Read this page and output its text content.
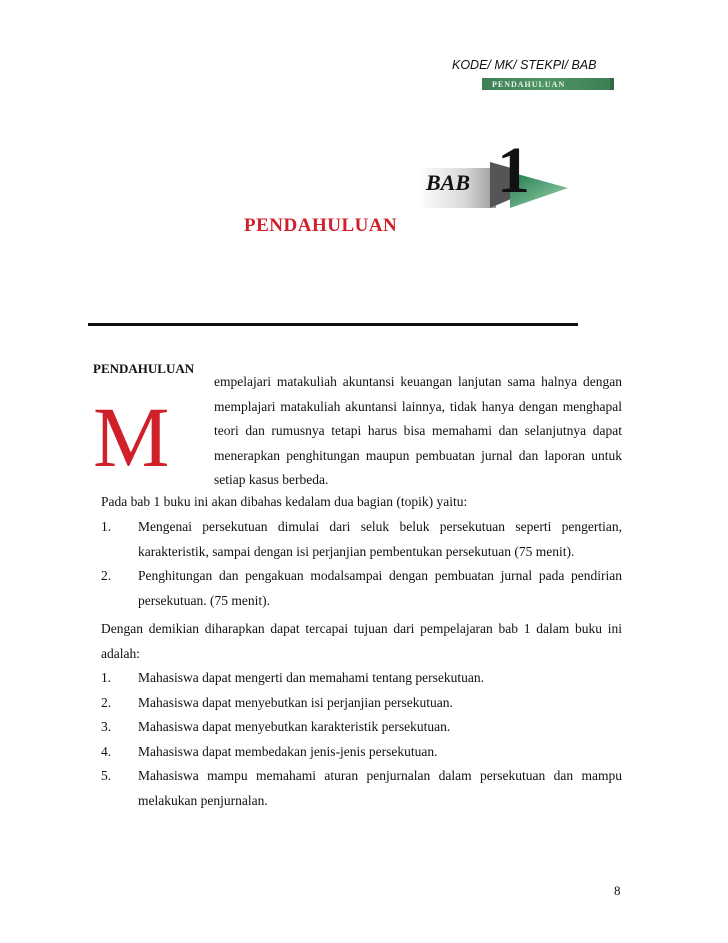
KODE/ MK/ STEKPI/ BAB
PENDAHULUAN
BAB 1
PENDAHULUAN
PENDAHULUAN
M
empelajari matakuliah akuntansi keuangan lanjutan sama halnya dengan memplajari matakuliah akuntansi lainnya, tidak hanya dengan menghapal teori dan rumusnya tetapi harus bisa memahami dan selanjutnya dapat menerapkan penghitungan maupun pembuatan jurnal dan laporan untuk setiap kasus berbeda.
Pada bab 1 buku ini akan dibahas kedalam dua bagian (topik) yaitu:
1. Mengenai persekutuan dimulai dari seluk beluk persekutuan seperti pengertian, karakteristik, sampai dengan isi perjanjian pembentukan persekutuan (75 menit).
2. Penghitungan dan pengakuan modalsampai dengan pembuatan jurnal pada pendirian persekutuan. (75 menit).
Dengan demikian diharapkan dapat tercapai tujuan dari pempelajaran bab 1 dalam buku ini adalah:
1. Mahasiswa dapat mengerti dan memahami tentang persekutuan.
2. Mahasiswa dapat menyebutkan isi perjanjian persekutuan.
3. Mahasiswa dapat menyebutkan karakteristik persekutuan.
4. Mahasiswa dapat membedakan jenis-jenis persekutuan.
5. Mahasiswa mampu memahami aturan penjurnalan dalam persekutuan dan mampu melakukan penjurnalan.
8
